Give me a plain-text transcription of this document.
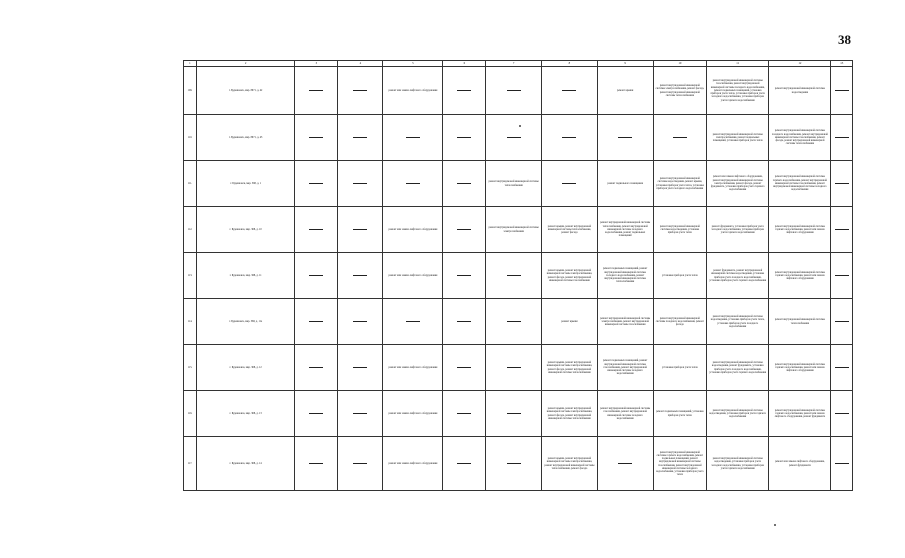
38
1	2	3	4	5	6	7	8	9	10	11	12	13
109.	г. Буденновск, мкр. 8671, д. 42			ремонт или замена лифтового оборудования				ремонт крыши	ремонт внутридомовой инженерной системы электроснабжения, ремонт фасада, ремонт внутридомовой инженерной системы теплоснабжения	ремонт внутридомовой инженерной системы газоснабжения, ремонт внутридомовой инженерной системы холодного водоснабжения, ремонт подвальных помещений, установка приборов учета тепла, установка приборов учета холодного водоснабжения, установка приборов учета горячего водоснабжения	ремонт внутридомовой инженерной системы водоотведения	
110.	г. Буденновск, мкр. 8671, д. 43									ремонт внутридомовой инженерной системы электроснабжения, ремонт подвальных помещений, установка приборов учета тепла	ремонт внутридомовой инженерной системы холодного водоснабжения, ремонт внутридомовой инженерной системы газоснабжения, ремонт фасада, ремонт внутридомовой инженерной системы теплоснабжения	
111.	г. Буденновск, мкр. 368, д. 1					ремонт внутридомовой инженерной системы теплоснабжения		ремонт подвального помещения	ремонт внутридомовой инженерной системы водоотведения, ремонт крыши, установка приборов учета тепла, установка приборов учета холодного водоснабжения	ремонт или замена лифтового оборудования, ремонт внутридомовой инженерной системы электроснабжения, ремонт фасада, ремонт фундамента, установка приборов учета горячего водоснабжения	ремонт внутридомовой инженерной системы горячего водоснабжения, ремонт внутридомовой инженерной системы газоснабжения, ремонт внутридомовой инженерной системы холодного водоснабжения	
112.	г. Буденновск, мкр. 368, д. 10			ремонт или замена лифтового оборудования		ремонт внутридомовой инженерной системы электроснабжения	ремонт крыши, ремонт внутридомовой инженерной системы теплоснабжения, ремонт фасада	ремонт внутридомовой инженерной системы теплоснабжения, ремонт внутридомовой инженерной системы холодного водоснабжения, ремонт подвальных помещений	ремонт внутридомовой инженерной системы водоотведения, установка приборов учета тепла	ремонт фундамента, установка приборов учета холодного водоснабжения, установка приборов учета горячего водоснабжения	ремонт внутридомовой инженерной системы горячего водоснабжения, ремонт или замена лифтового оборудования	
113.	г. Буденновск, мкр. 368, д. 11			ремонт или замена лифтового оборудования			ремонт крыши, ремонт внутридомовой инженерной системы электроснабжения, ремонт фасада, ремонт внутридомовой инженерной системы газоснабжения	ремонт подвальных помещений, ремонт внутридомовой инженерной системы холодного водоснабжения, ремонт внутридомовой инженерной системы теплоснабжения	установка приборов учета тепла	ремонт фундамента, ремонт внутридомовой инженерной системы водоотведения, установка приборов учета холодного водоснабжения, установка приборов учета горячего водоснабжения	ремонт внутридомовой инженерной системы горячего водоснабжения, ремонт или замена лифтового оборудования	
114.	г. Буденновск, мкр. 368, д. 11а						ремонт крыши	ремонт внутридомовой инженерной системы электроснабжения, ремонт внутридомовой инженерной системы газоснабжения	ремонт внутридомовой инженерной системы холодного водоснабжения, ремонт фасада	ремонт внутридомовой инженерной системы водоотведения, установка приборов учета тепла, установка приборов учета холодного водоснабжения	ремонт внутридомовой инженерной системы теплоснабжения	
115.	г. Буденновск, мкр. 368, д. 12			ремонт или замена лифтового оборудования			ремонт крыши, ремонт внутридомовой инженерной системы электроснабжения, ремонт фасада, ремонт внутридомовой инженерной системы теплоснабжения	ремонт подвальных помещений, ремонт внутридомовой инженерной системы газоснабжения, ремонт внутридомовой инженерной системы холодного водоснабжения	установка приборов учета тепла	ремонт внутридомовой инженерной системы водоотведения, ремонт фундамента, установка приборов учета холодного водоснабжения, установка приборов учета горячего водоснабжения	ремонт внутридомовой инженерной системы горячего водоснабжения, ремонт или замена лифтового оборудования	
116.	г. Буденновск, мкр. 368, д. 13			ремонт или замена лифтового оборудования			ремонт крыши, ремонт внутридомовой инженерной системы электроснабжения, ремонт фасада, ремонт внутридомовой инженерной системы теплоснабжения	ремонт внутридомовой инженерной системы газоснабжения, ремонт внутридомовой инженерной системы холодного водоснабжения	ремонт подвальных помещений, установка приборов учета тепла	ремонт внутридомовой инженерной системы водоотведения, установка приборов учета горячего водоснабжения	ремонт внутридомовой инженерной системы горячего водоснабжения, ремонт или замена лифтового оборудования, ремонт фундамента	
117.	г. Буденновск, мкр. 368, д. 14			ремонт или замена лифтового оборудования			ремонт крыши, ремонт внутридомовой инженерной системы электроснабжения, ремонт внутридомовой инженерной системы теплоснабжения, ремонт фасада		ремонт внутридомовой инженерной системы горячего водоснабжения, ремонт подвальных помещений, ремонт внутридомовой инженерной системы газоснабжения, ремонт внутридомовой инженерной системы холодного водоснабжения, установка приборов учета тепла	ремонт внутридомовой инженерной системы водоотведения, установка приборов учета холодного водоснабжения, установка приборов учета горячего водоснабжения	ремонт или замена лифтового оборудования, ремонт фундамента	
